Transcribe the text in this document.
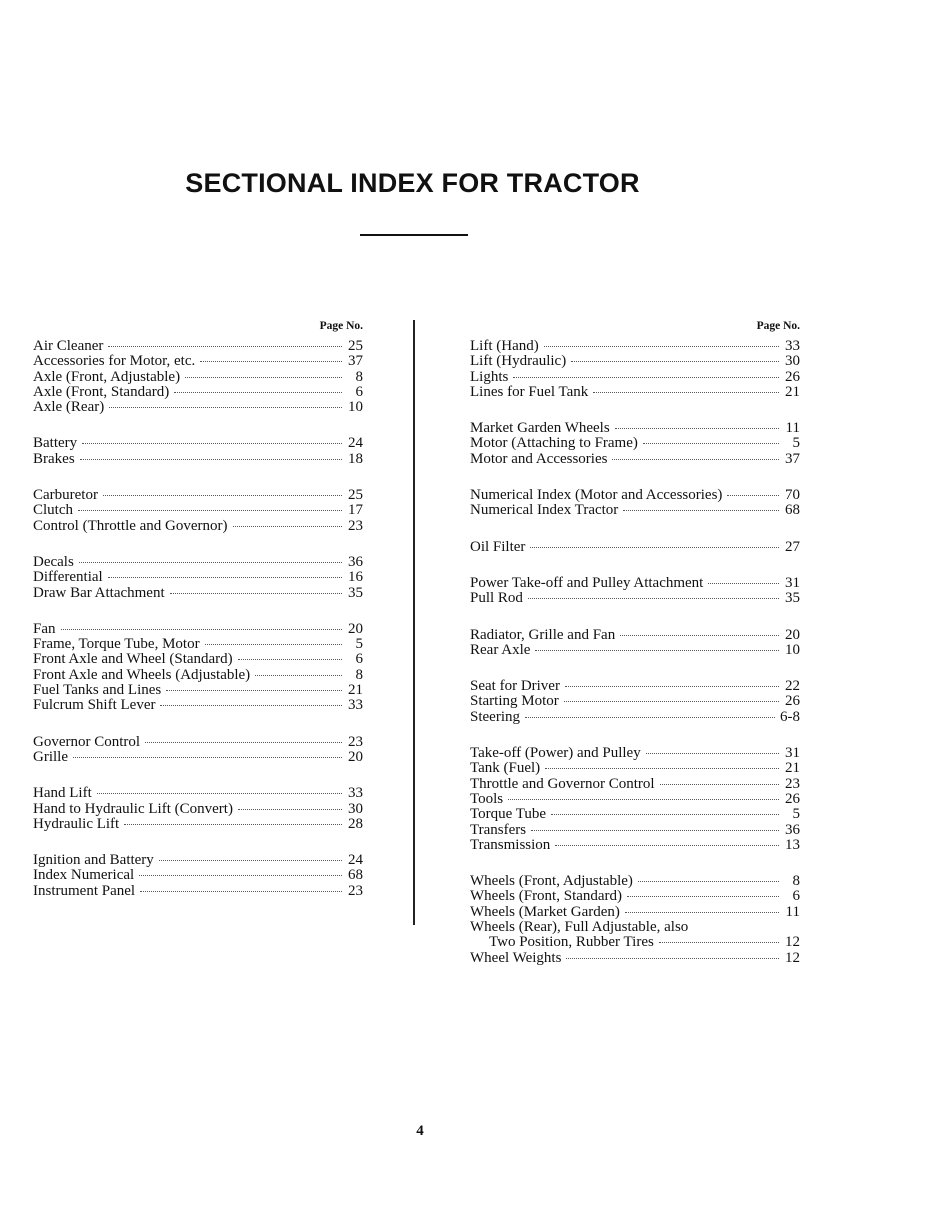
SECTIONAL INDEX FOR TRACTOR
Page No.
Air Cleaner	25
Accessories for Motor, etc.	37
Axle (Front, Adjustable)	8
Axle (Front, Standard)	6
Axle (Rear)	10
Battery	24
Brakes	18
Carburetor	25
Clutch	17
Control (Throttle and Governor)	23
Decals	36
Differential	16
Draw Bar Attachment	35
Fan	20
Frame, Torque Tube, Motor	5
Front Axle and Wheel (Standard)	6
Front Axle and Wheels (Adjustable)	8
Fuel Tanks and Lines	21
Fulcrum Shift Lever	33
Governor Control	23
Grille	20
Hand Lift	33
Hand to Hydraulic Lift (Convert)	30
Hydraulic Lift	28
Ignition and Battery	24
Index Numerical	68
Instrument Panel	23
Page No.
Lift (Hand)	33
Lift (Hydraulic)	30
Lights	26
Lines for Fuel Tank	21
Market Garden Wheels	11
Motor (Attaching to Frame)	5
Motor and Accessories	37
Numerical Index (Motor and Accessories)	70
Numerical Index Tractor	68
Oil Filter	27
Power Take-off and Pulley Attachment	31
Pull Rod	35
Radiator, Grille and Fan	20
Rear Axle	10
Seat for Driver	22
Starting Motor	26
Steering	6-8
Take-off (Power) and Pulley	31
Tank (Fuel)	21
Throttle and Governor Control	23
Tools	26
Torque Tube	5
Transfers	36
Transmission	13
Wheels (Front, Adjustable)	8
Wheels (Front, Standard)	6
Wheels (Market Garden)	11
Wheels (Rear), Full Adjustable, also
Two Position, Rubber Tires	12
Wheel Weights	12
4
